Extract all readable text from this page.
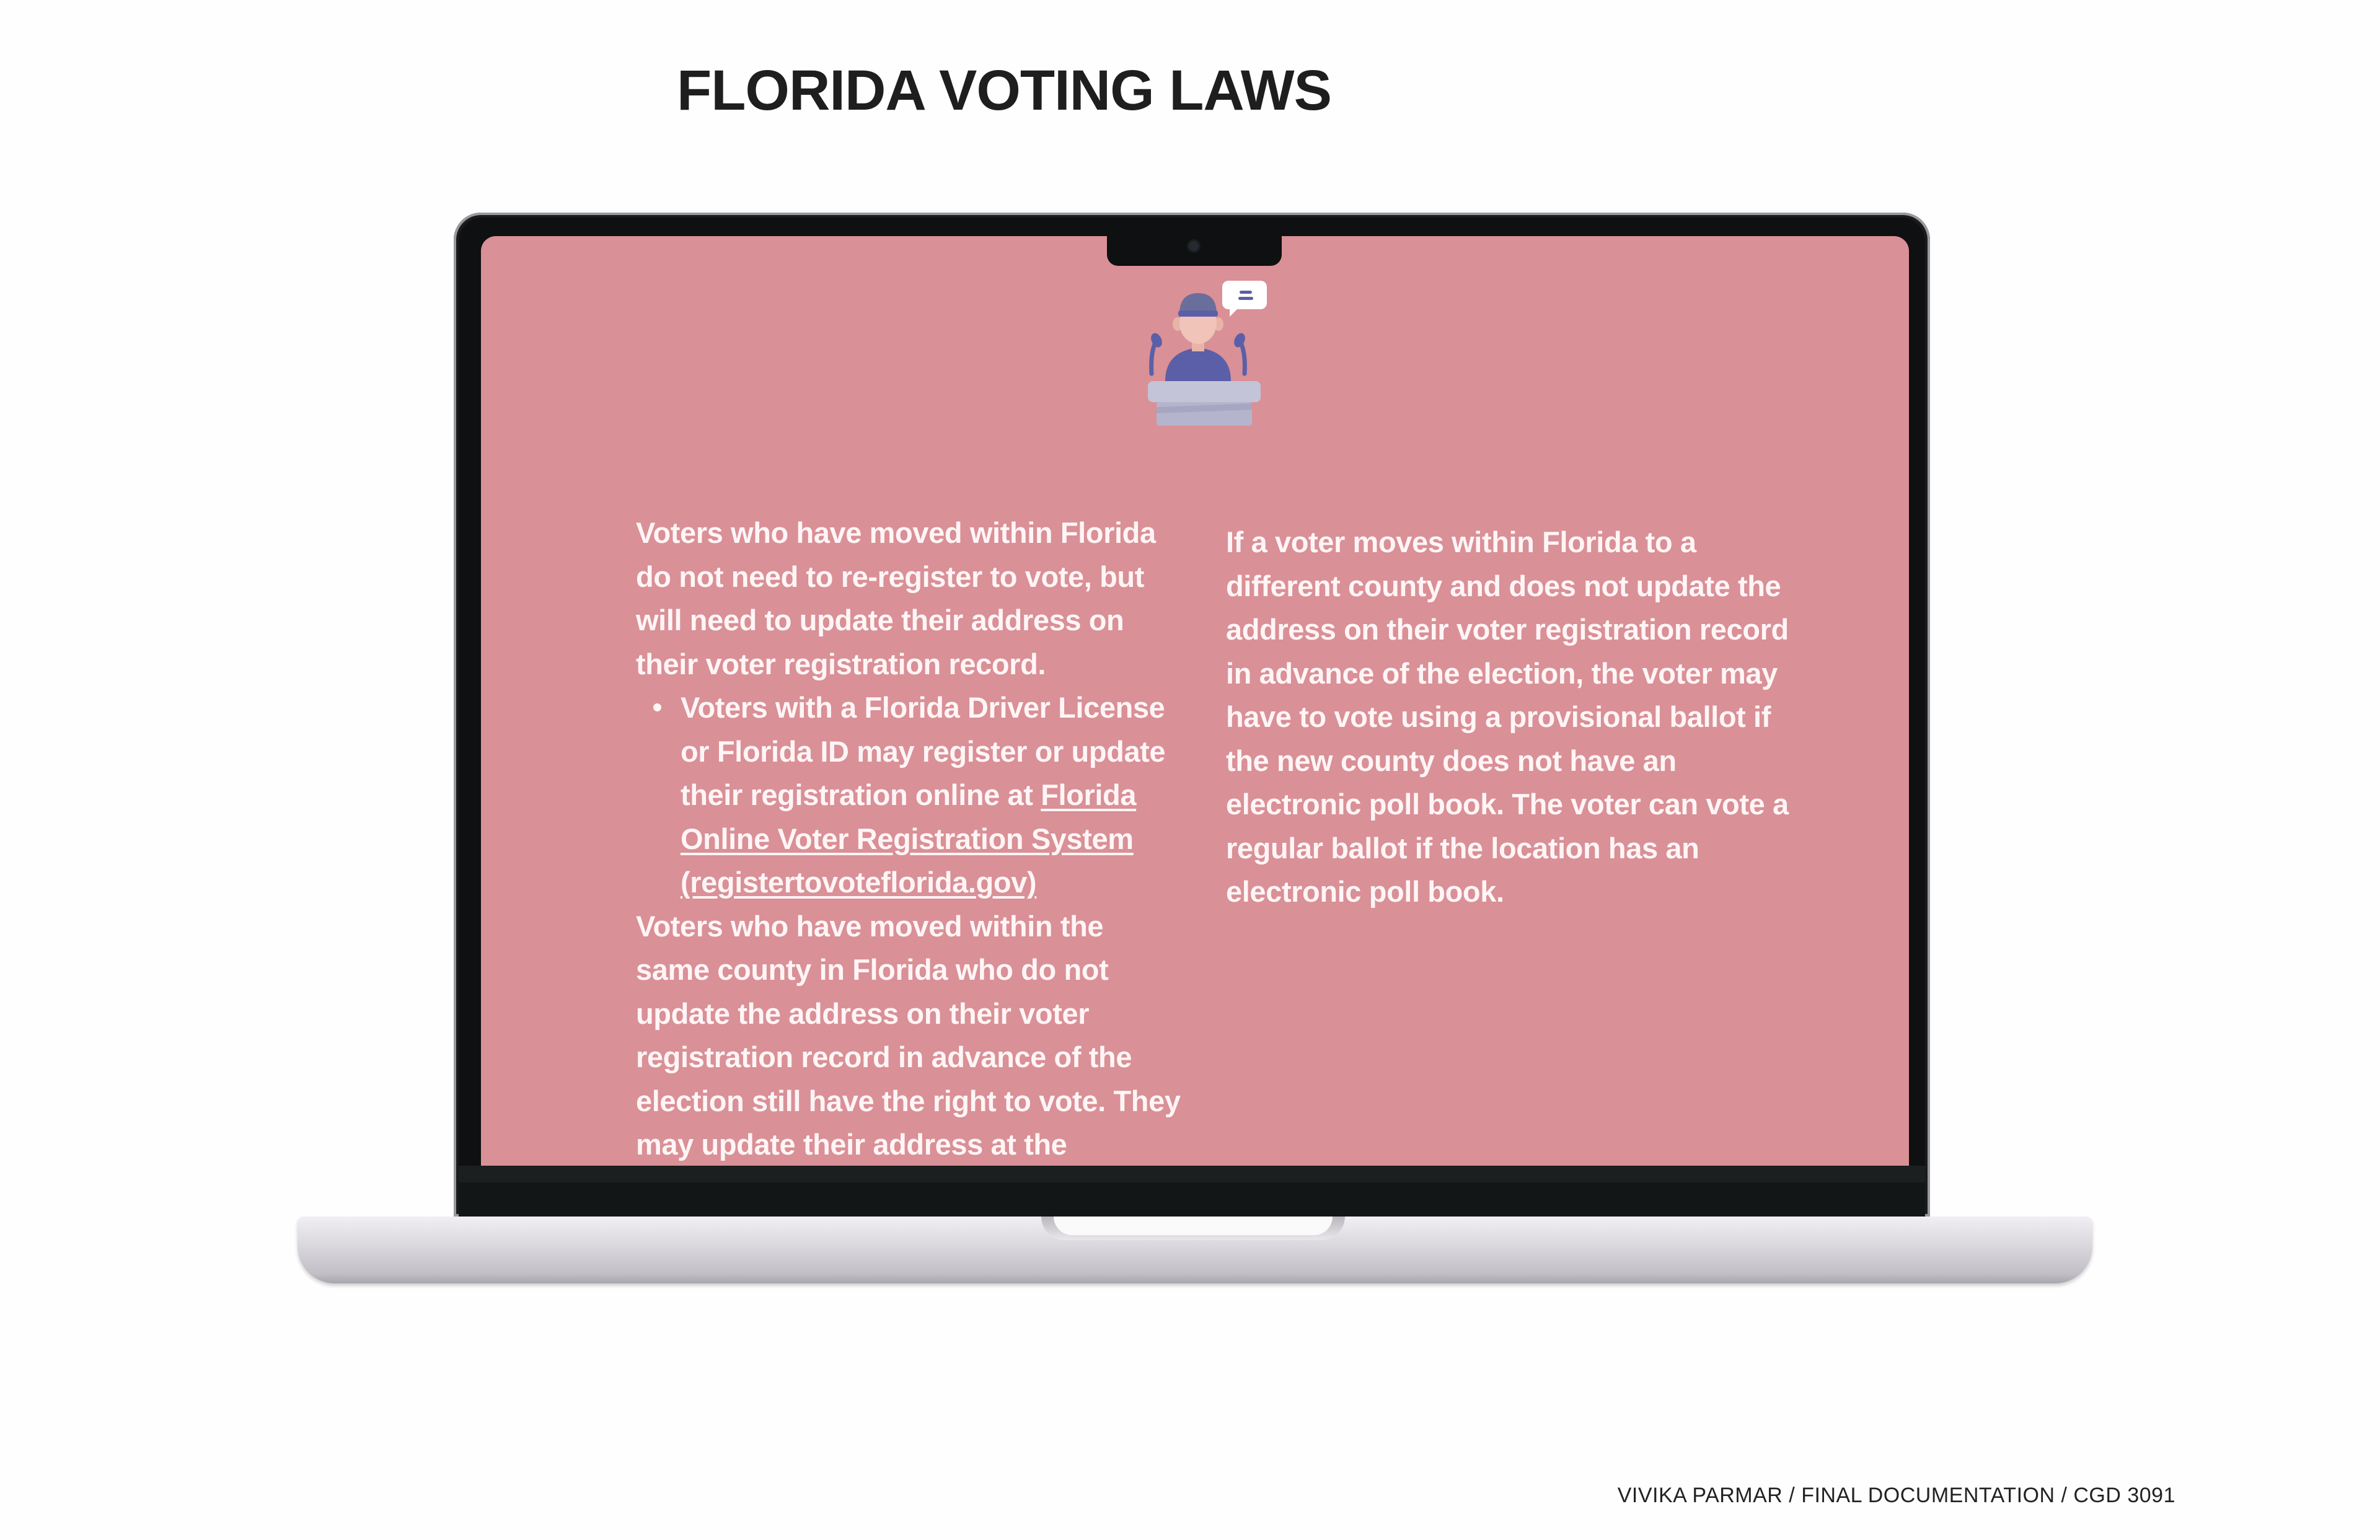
FLORIDA VOTING LAWS

Voters who have moved within Florida do not need to re-register to vote, but will need to update their address on their voter registration record.

Voters with a Florida Driver License or Florida ID may register or update their registration online at Florida Online Voter Registration System (registertovoteflorida.gov)

Voters who have moved within the same county in Florida who do not update the address on their voter registration record in advance of the election still have the right to vote. They may update their address at the

If a voter moves within Florida to a different county and does not update the address on their voter registration record in advance of the election, the voter may have to vote using a provisional ballot if the new county does not have an electronic poll book. The voter can vote a regular ballot if the location has an electronic poll book.

VIVIKA PARMAR / FINAL DOCUMENTATION / CGD 3091
